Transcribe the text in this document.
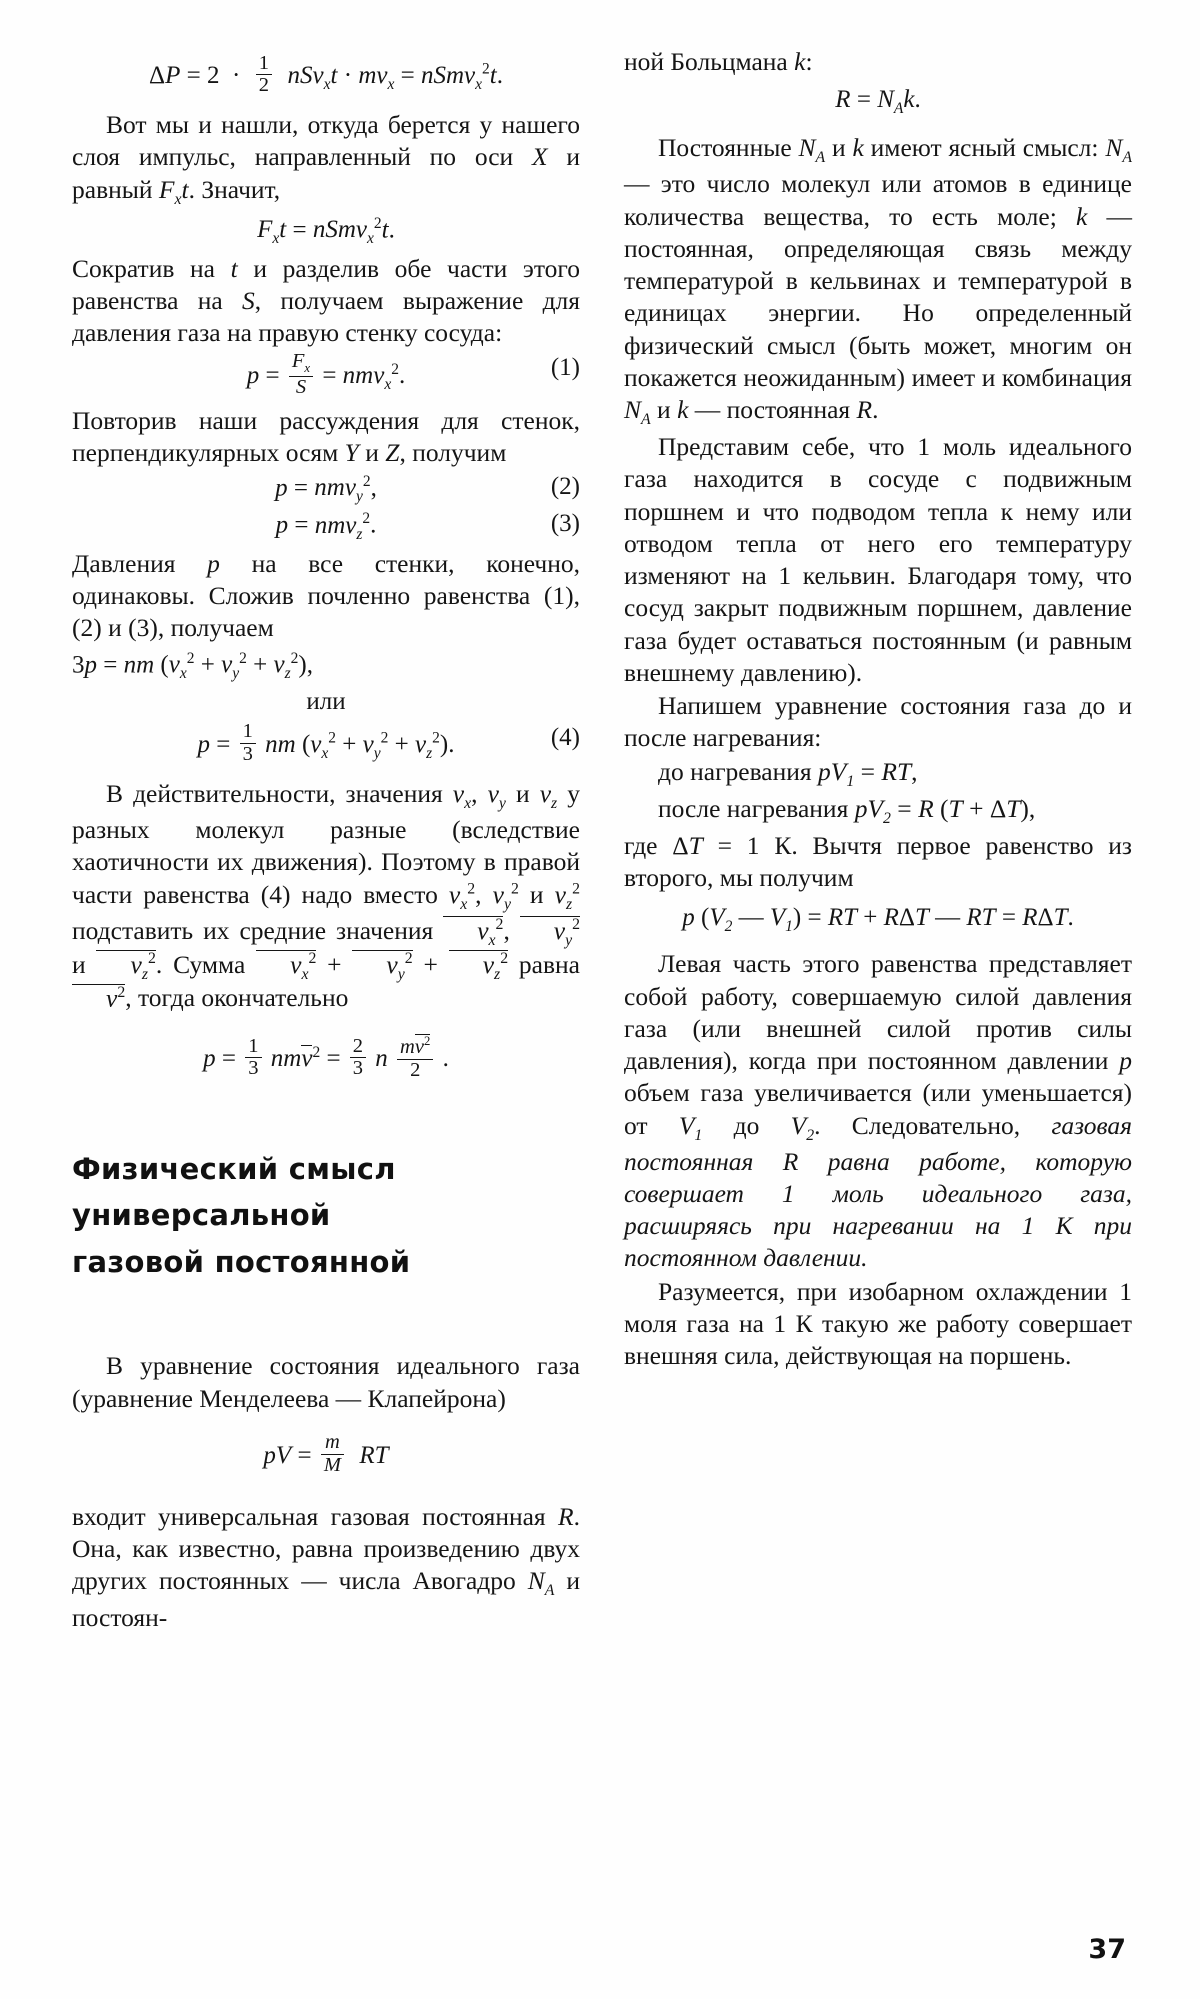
$\Delta P = 2 \cdot \frac{1}{2} nSv_xt \cdot mv_x$ = nSmv$_x^2$t.

Вот мы и нашли, откуда берется у нашего слоя импульс, направленный по оси X и равный $F_xt$. Значит,

$F_xt$ = nSmv$_x^2$t.

Сократив на t и разделив обе части этого равенства на S, получаем выражение для давления газа на правую стенку сосуда:

$p = \frac{F_x}{S} = nmv_x^2$.	(1)

Повторив наши рассуждения для стенок, перпендикулярных осям Y и Z, получим

p = nmv$_y^2$,	(2)
p = nmv$_z^2$.	(3)

Давления p на все стенки, конечно, одинаковы. Сложив почленно равенства (1), (2) и (3), получаем

3p = nm $(v_x^2 + v_y^2 + v_z^2)$,
или
$p = \frac{1}{3}$ nm $(v_x^2 + v_y^2 + v_z^2)$.	(4)

В действительности, значения $v_x$, $v_y$ и $v_z$ у разных молекул разные (вследствие хаотичности их движения). Поэтому в правой части равенства (4) надо вместо $v_x^2$, $v_y^2$ и $v_z^2$ подставить их средние значения $v_x^2$, $v_y^2$ и $v_z^2$. Сумма $v_x^2 + v_y^2 + v_z^2$ равна $v^2$, тогда окончательно

$p = \frac{1}{3} nmv^2 = \frac{2}{3}$ n $\frac{mv^2}{2}$ .
Физический смысл
универсальной
газовой постоянной

В уравнение состояния идеального газа (уравнение Менделеева — Клапейрона)

pV = $\frac{m}{M}$ RT

входит универсальная газовая постоянная R. Она, как известно, равна произведению двух других постоянных — числа Авогадро $N_A$ и постоян-

ной Больцмана k:

$R = N_Ak$.

Постоянные $N_A$ и k имеют ясный смысл: $N_A$ — это число молекул или атомов в единице количества вещества, то есть моле; k — постоянная, определяющая связь между температурой в кельвинах и температурой в единицах энергии. Но определенный физический смысл (быть может, многим он покажется неожиданным) имеет и комбинация $N_A$ и k — постоянная R.

Представим себе, что 1 моль идеального газа находится в сосуде с подвижным поршнем и что подводом тепла к нему или отводом тепла от него его температуру изменяют на 1 кельвин. Благодаря тому, что сосуд закрыт подвижным поршнем, давление газа будет оставаться постоянным (и равным внешнему давлению).

Напишем уравнение состояния газа до и после нагревания:

до нагревания $pV_1$ = RT,

после нагревания $pV_2 = R$ (T + ΔT),

где ΔT = 1 К. Вычтя первое равенство из второго, мы получим

p ($V_2$ — $V_1$) = RT + RΔT — RT = RΔT.

Левая часть этого равенства представляет собой работу, совершаемую силой давления газа (или внешней силой против силы давления), когда при постоянном давлении p объем газа увеличивается (или уменьшается) от $V_1$ до $V_2$. Следовательно, газовая постоянная R равна работе, которую совершает 1 моль идеального газа, расширяясь при нагревании на 1 К при постоянном давлении.

Разумеется, при изобарном охлаждении 1 моля газа на 1 К такую же работу совершает внешняя сила, действующая на поршень.

37
